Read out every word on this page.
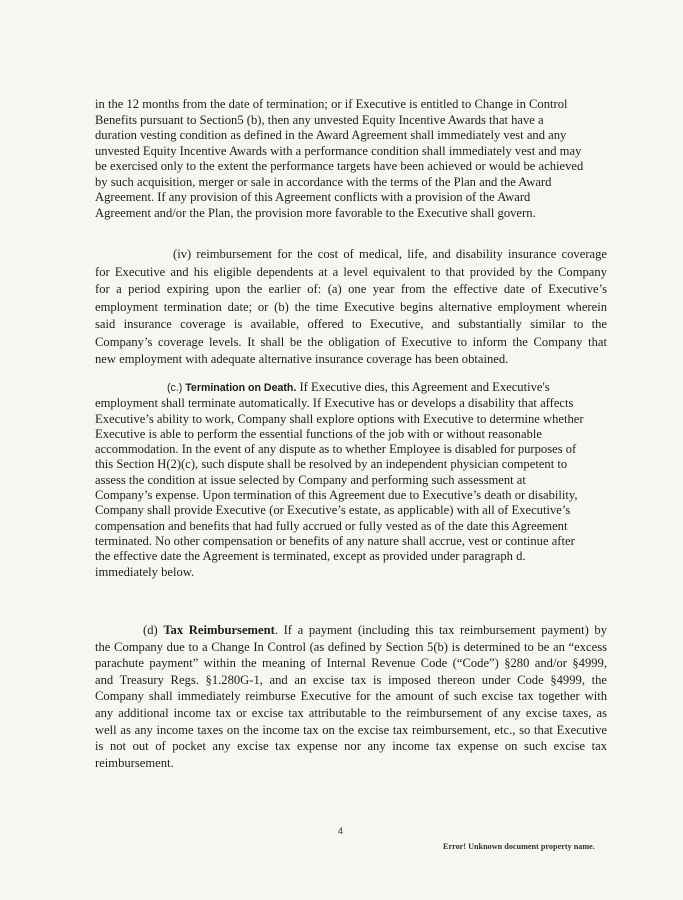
in the 12 months from the date of termination; or if Executive is entitled to Change in Control
Benefits pursuant to Section5 (b), then any unvested Equity Incentive Awards that have a
duration vesting condition as defined in the Award Agreement shall immediately vest and any
unvested Equity Incentive Awards with a performance condition shall immediately vest and may
be exercised only to the extent the performance targets have been achieved or would be achieved
by such acquisition, merger or sale in accordance with the terms of the Plan and the Award
Agreement. If any provision of this Agreement conflicts with a provision of the Award
Agreement and/or the Plan, the provision more favorable to the Executive shall govern.
(iv) reimbursement for the cost of medical, life, and disability insurance coverage
for Executive and his eligible dependents at a level equivalent to that provided by the Company
for a period expiring upon the earlier of: (a) one year from the effective date of Executive’s
employment termination date; or (b) the time Executive begins alternative employment wherein
said insurance coverage is available, offered to Executive, and substantially similar to the
Company’s coverage levels. It shall be the obligation of Executive to inform the Company that
new employment with adequate alternative insurance coverage has been obtained.
(c.) Termination on Death. If Executive dies, this Agreement and Executive's
employment shall terminate automatically. If Executive has or develops a disability that affects
Executive’s ability to work, Company shall explore options with Executive to determine whether
Executive is able to perform the essential functions of the job with or without reasonable
accommodation. In the event of any dispute as to whether Employee is disabled for purposes of
this Section H(2)(c), such dispute shall be resolved by an independent physician competent to
assess the condition at issue selected by Company and performing such assessment at
Company’s expense. Upon termination of this Agreement due to Executive’s death or disability,
Company shall provide Executive (or Executive’s estate, as applicable) with all of Executive’s
compensation and benefits that had fully accrued or fully vested as of the date this Agreement
terminated. No other compensation or benefits of any nature shall accrue, vest or continue after
the effective date the Agreement is terminated, except as provided under paragraph d.
immediately below.
(d) Tax Reimbursement. If a payment (including this tax reimbursement payment) by
the Company due to a Change In Control (as defined by Section 5(b) is determined to be an “excess
parachute payment” within the meaning of Internal Revenue Code (“Code”) §280 and/or §4999,
and Treasury Regs. §1.280G-1, and an excise tax is imposed thereon under Code §4999, the
Company shall immediately reimburse Executive for the amount of such excise tax together with
any additional income tax or excise tax attributable to the reimbursement of any excise taxes, as
well as any income taxes on the income tax on the excise tax reimbursement, etc., so that Executive
is not out of pocket any excise tax expense nor any income tax expense on such excise tax
reimbursement.
4
Error! Unknown document property name.
